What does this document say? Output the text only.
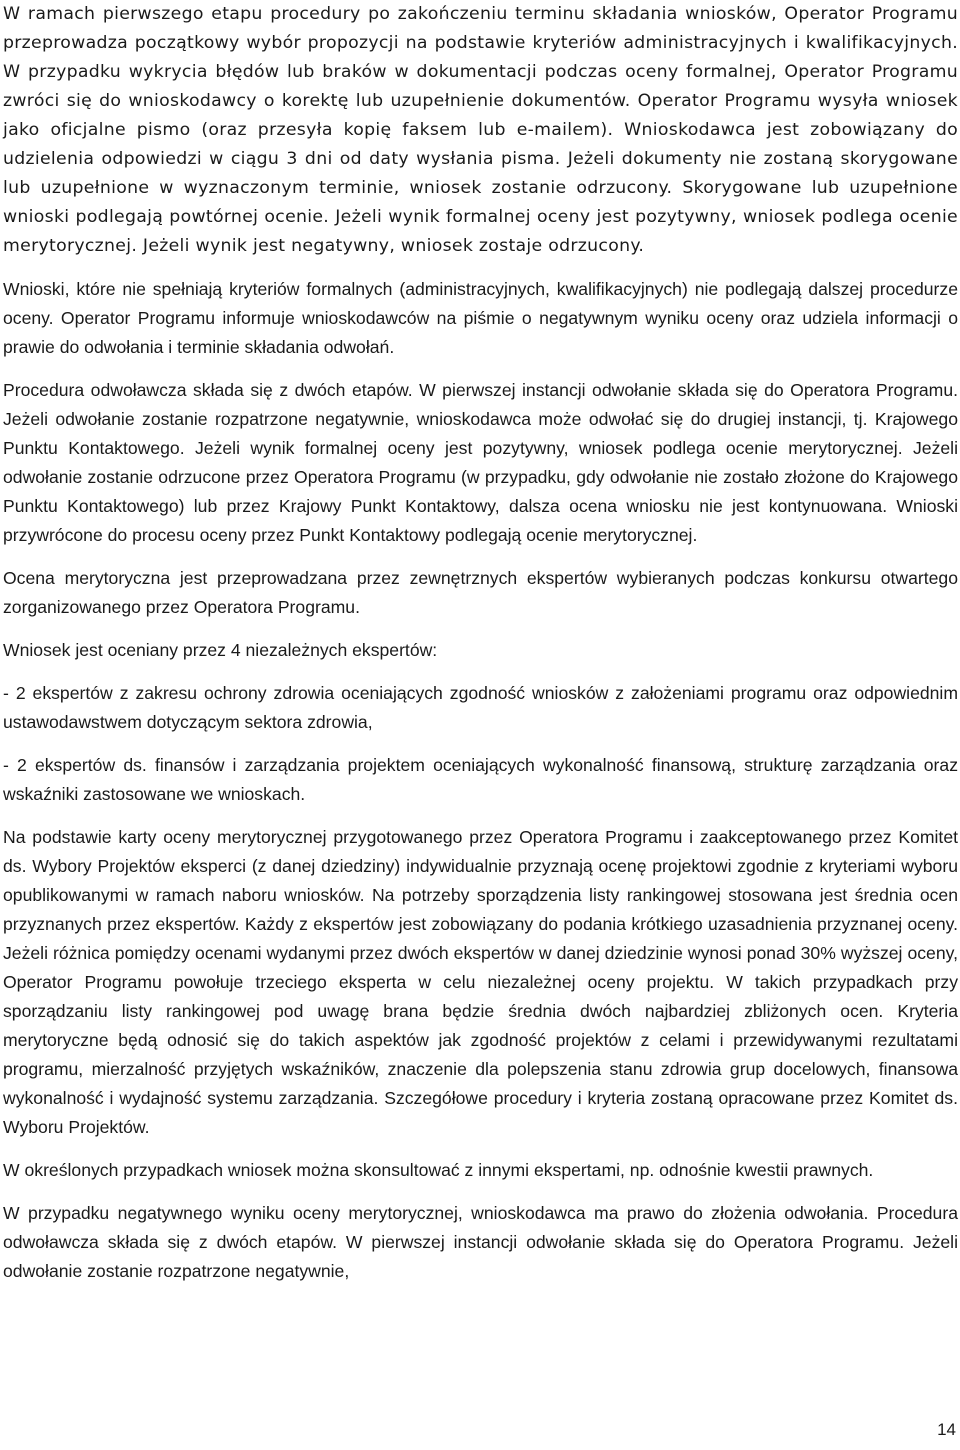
W ramach pierwszego etapu procedury po zakończeniu terminu składania wniosków, Operator Programu przeprowadza początkowy wybór propozycji na podstawie kryteriów administracyjnych i kwalifikacyjnych. W przypadku wykrycia błędów lub braków w dokumentacji podczas oceny formalnej, Operator Programu zwróci się do wnioskodawcy o korektę lub uzupełnienie dokumentów. Operator Programu wysyła wniosek jako oficjalne pismo (oraz przesyła kopię faksem lub e-mailem). Wnioskodawca jest zobowiązany do udzielenia odpowiedzi w ciągu 3 dni od daty wysłania pisma. Jeżeli dokumenty nie zostaną skorygowane lub uzupełnione w wyznaczonym terminie, wniosek zostanie odrzucony. Skorygowane lub uzupełnione wnioski podlegają powtórnej ocenie. Jeżeli wynik formalnej oceny jest pozytywny, wniosek podlega ocenie merytorycznej. Jeżeli wynik jest negatywny, wniosek zostaje odrzucony.

Wnioski, które nie spełniają kryteriów formalnych (administracyjnych, kwalifikacyjnych) nie podlegają dalszej procedurze oceny. Operator Programu informuje wnioskodawców na piśmie o negatywnym wyniku oceny oraz udziela informacji o prawie do odwołania i terminie składania odwołań.

Procedura odwoławcza składa się z dwóch etapów. W pierwszej instancji odwołanie składa się do Operatora Programu. Jeżeli odwołanie zostanie rozpatrzone negatywnie, wnioskodawca może odwołać się do drugiej instancji, tj. Krajowego Punktu Kontaktowego. Jeżeli wynik formalnej oceny jest pozytywny, wniosek podlega ocenie merytorycznej. Jeżeli odwołanie zostanie odrzucone przez Operatora Programu (w przypadku, gdy odwołanie nie zostało złożone do Krajowego Punktu Kontaktowego) lub przez Krajowy Punkt Kontaktowy, dalsza ocena wniosku nie jest kontynuowana. Wnioski przywrócone do procesu oceny przez Punkt Kontaktowy podlegają ocenie merytorycznej.

Ocena merytoryczna jest przeprowadzana przez zewnętrznych ekspertów wybieranych podczas konkursu otwartego zorganizowanego przez Operatora Programu.

Wniosek jest oceniany przez 4 niezależnych ekspertów:

- 2 ekspertów z zakresu ochrony zdrowia oceniających zgodność wniosków z założeniami programu oraz odpowiednim ustawodawstwem dotyczącym sektora zdrowia,

- 2 ekspertów ds. finansów i zarządzania projektem oceniających wykonalność finansową, strukturę zarządzania oraz wskaźniki zastosowane we wnioskach.

Na podstawie karty oceny merytorycznej przygotowanego przez Operatora Programu i zaakceptowanego przez Komitet ds. Wybory Projektów eksperci (z danej dziedziny) indywidualnie przyznają ocenę projektowi zgodnie z kryteriami wyboru opublikowanymi w ramach naboru wniosków. Na potrzeby sporządzenia listy rankingowej stosowana jest średnia ocen przyznanych przez ekspertów. Każdy z ekspertów jest zobowiązany do podania krótkiego uzasadnienia przyznanej oceny. Jeżeli różnica pomiędzy ocenami wydanymi przez dwóch ekspertów w danej dziedzinie wynosi ponad 30% wyższej oceny, Operator Programu powołuje trzeciego eksperta w celu niezależnej oceny projektu. W takich przypadkach przy sporządzaniu listy rankingowej pod uwagę brana będzie średnia dwóch najbardziej zbliżonych ocen. Kryteria merytoryczne będą odnosić się do takich aspektów jak zgodność projektów z celami i przewidywanymi rezultatami programu, mierzalność przyjętych wskaźników, znaczenie dla polepszenia stanu zdrowia grup docelowych, finansowa wykonalność i wydajność systemu zarządzania. Szczegółowe procedury i kryteria zostaną opracowane przez Komitet ds. Wyboru Projektów.

W określonych przypadkach wniosek można skonsultować z innymi ekspertami, np. odnośnie kwestii prawnych.

W przypadku negatywnego wyniku oceny merytorycznej, wnioskodawca ma prawo do złożenia odwołania. Procedura odwoławcza składa się z dwóch etapów. W pierwszej instancji odwołanie składa się do Operatora Programu. Jeżeli odwołanie zostanie rozpatrzone negatywnie,

14
